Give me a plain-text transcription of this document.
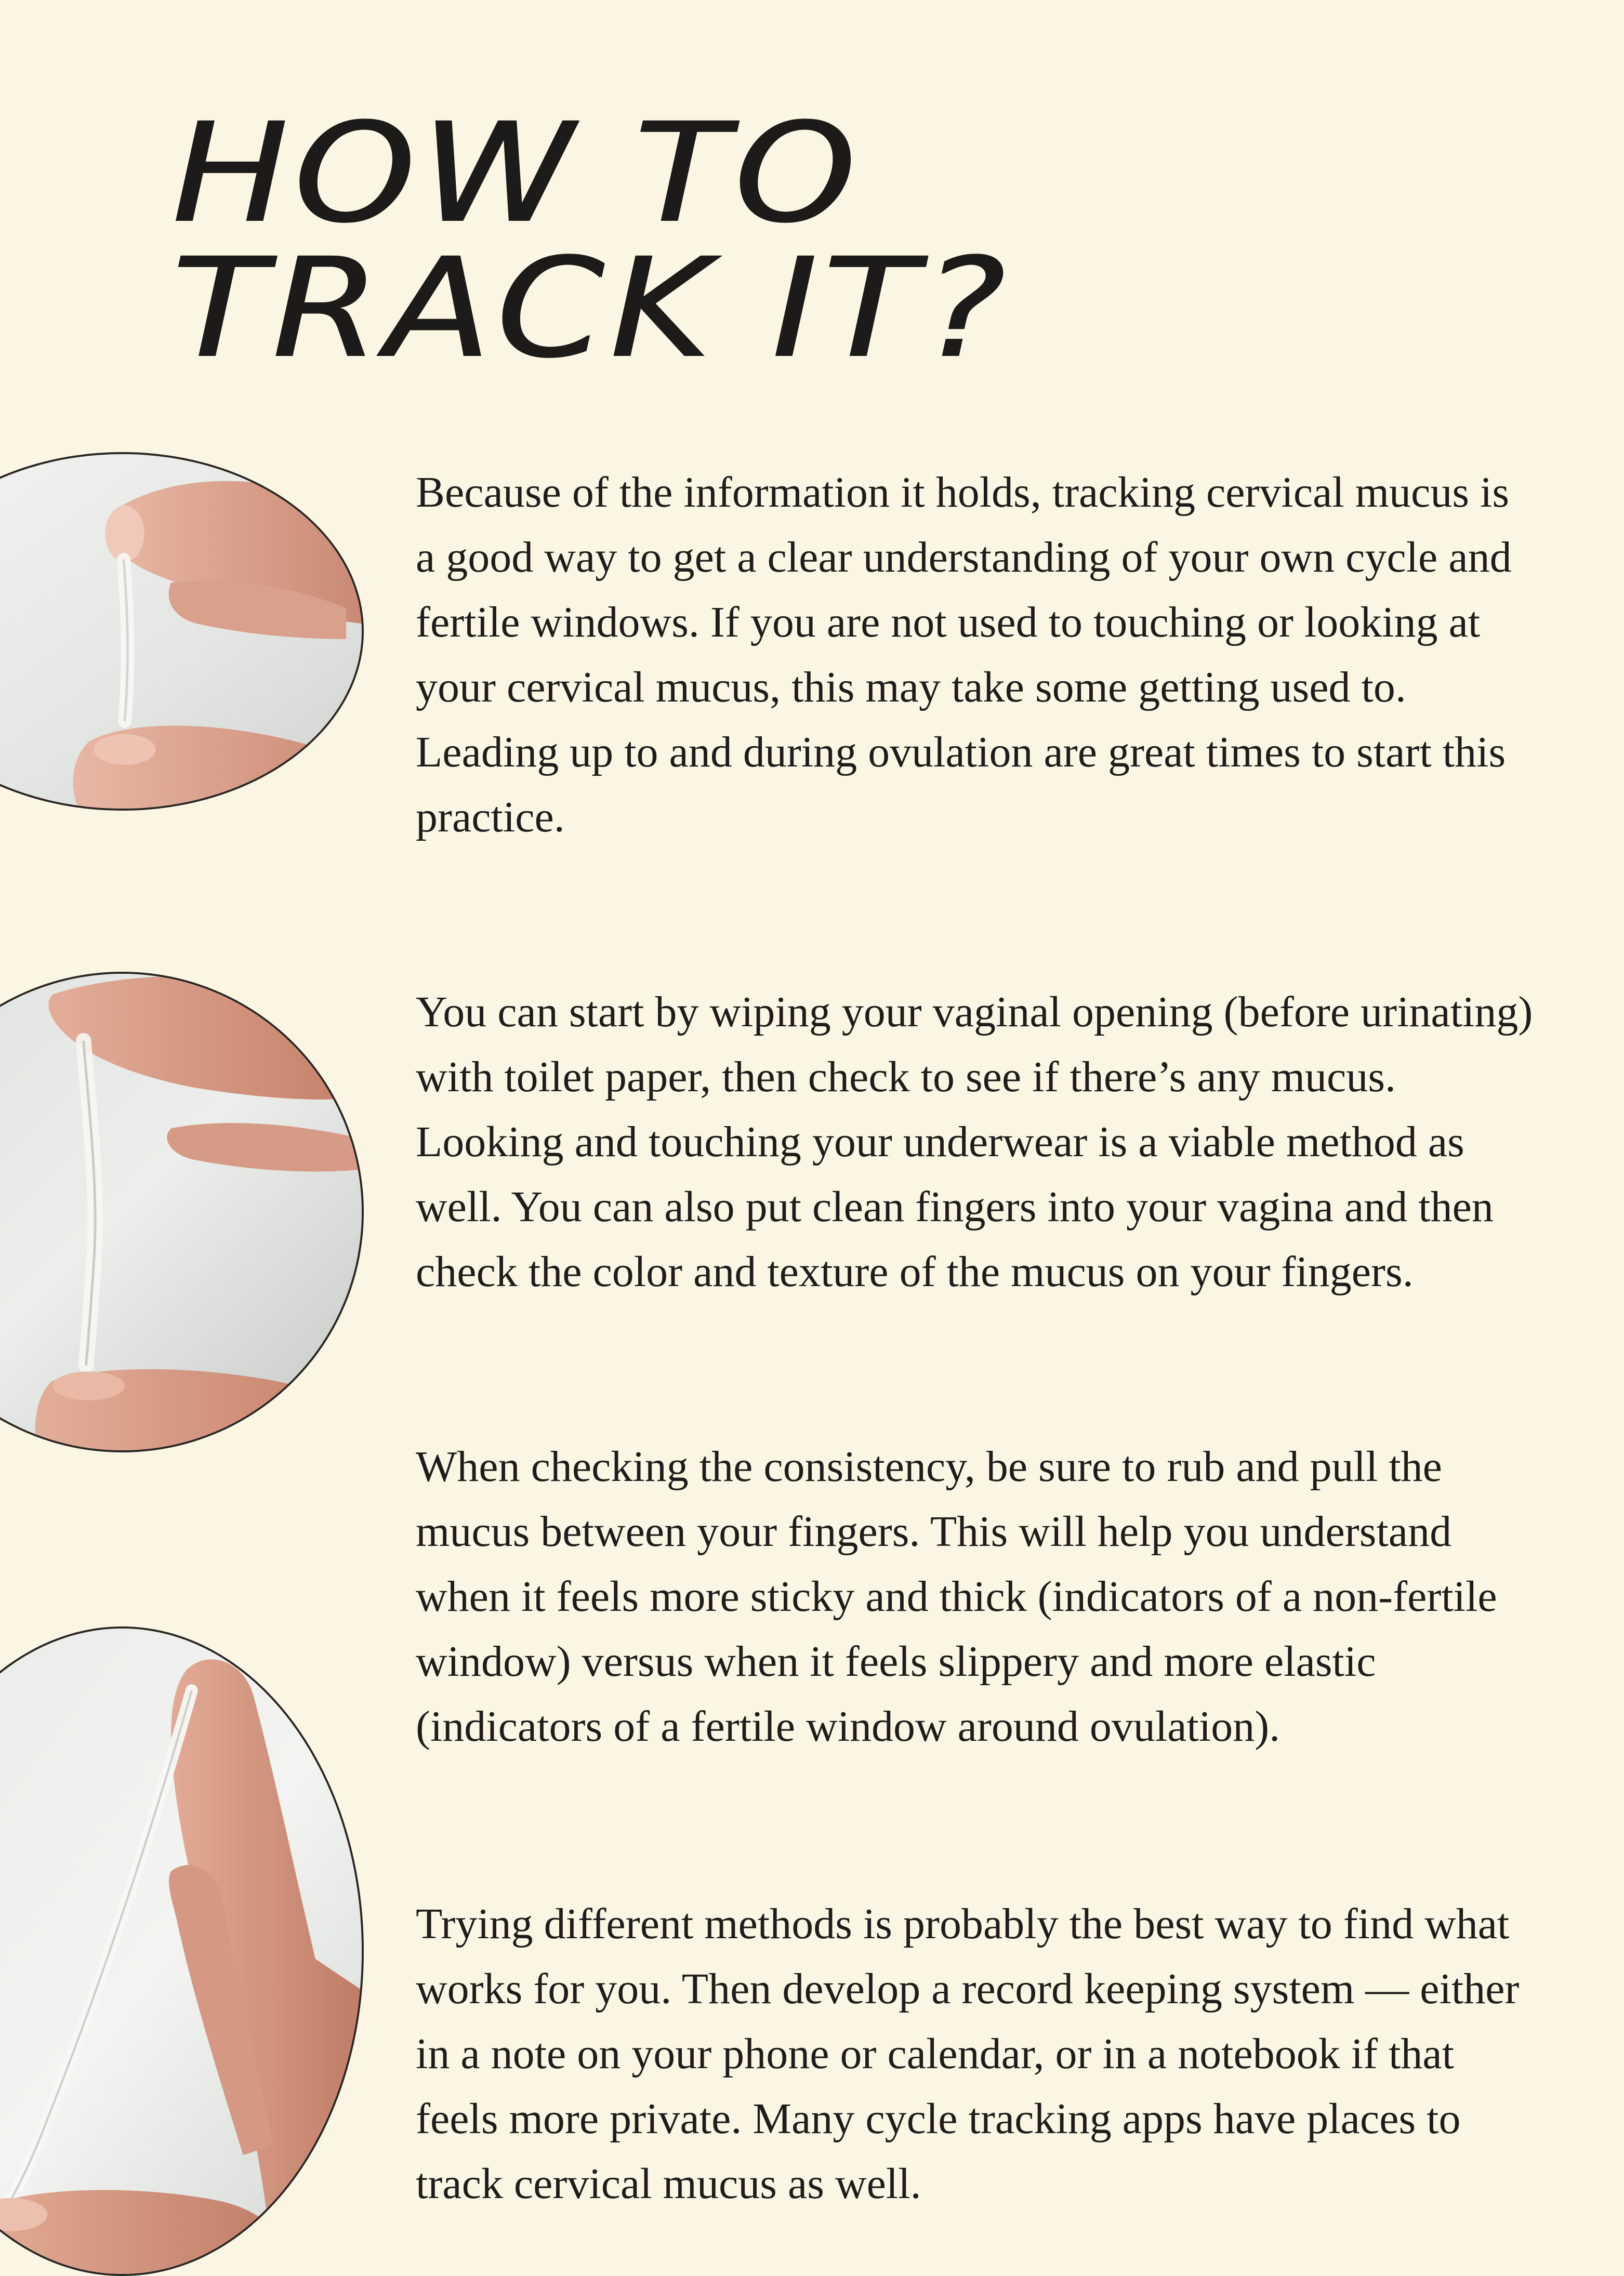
HOW TO
TRACK IT?

Because of the information it holds, tracking cervical mucus is a good way to get a clear understanding of your own cycle and fertile windows. If you are not used to touching or looking at your cervical mucus, this may take some getting used to. Leading up to and during ovulation are great times to start this practice.

You can start by wiping your vaginal opening (before urinating) with toilet paper, then check to see if there’s any mucus. Looking and touching your underwear is a viable method as well. You can also put clean fingers into your vagina and then check the color and texture of the mucus on your fingers.

When checking the consistency, be sure to rub and pull the mucus between your fingers. This will help you understand when it feels more sticky and thick (indicators of a non-fertile window) versus when it feels slippery and more elastic (indicators of a fertile window around ovulation).

Trying different methods is probably the best way to find what works for you. Then develop a record keeping system — either in a note on your phone or calendar, or in a notebook if that feels more private. Many cycle tracking apps have places to track cervical mucus as well.
